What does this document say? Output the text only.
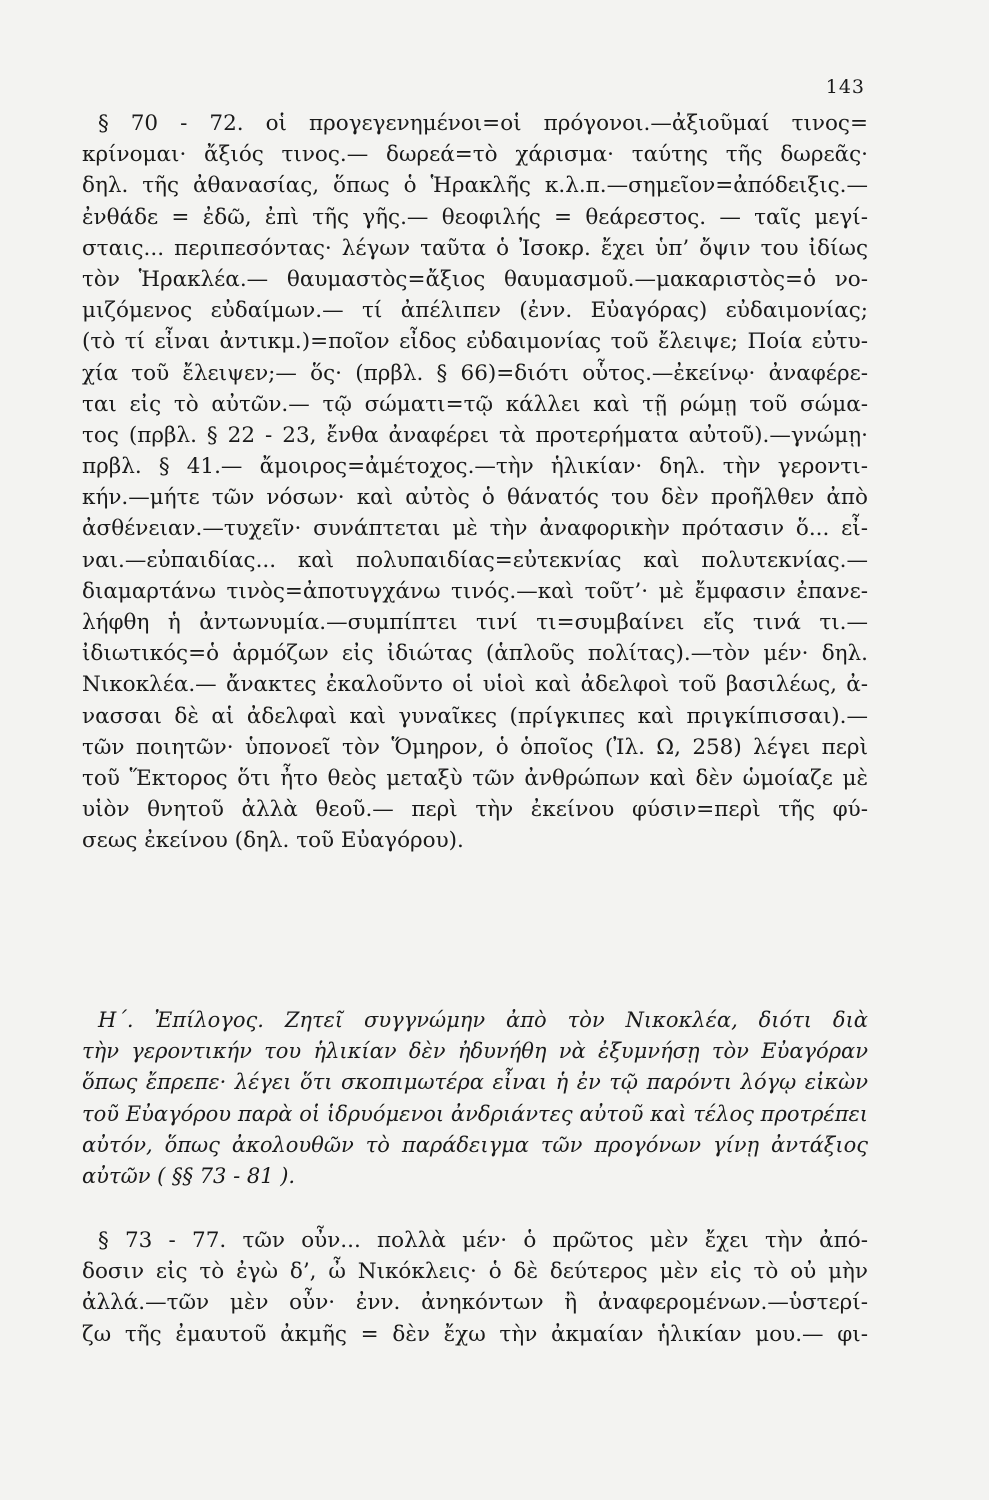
143
§ 70 - 72. οἱ προγεγενημένοι=οἱ πρόγονοι.—ἀξιοῦμαί τινος=
κρίνομαι· ἄξιός τινος.— δωρεά=τὸ χάρισμα· ταύτης τῆς δωρεᾶς·
δηλ. τῆς ἀθανασίας, ὅπως ὁ Ἡρακλῆς κ.λ.π.—σημεῖον=ἀπόδειξις.—
ἐνθάδε = ἐδῶ, ἐπὶ τῆς γῆς.— θεοφιλής = θεάρεστος. — ταῖς μεγί-
σταις... περιπεσόντας· λέγων ταῦτα ὁ Ἰσοκρ. ἔχει ὑπ’ ὄψιν του ἰδίως
τὸν Ἡρακλέα.— θαυμαστὸς=ἄξιος θαυμασμοῦ.—μακαριστὸς=ὁ νο-
μιζόμενος εὐδαίμων.— τί ἀπέλιπεν (ἐνν. Εὐαγόρας) εὐδαιμονίας;
(τὸ τί εἶναι ἀντικμ.)=ποῖον εἶδος εὐδαιμονίας τοῦ ἔλειψε; Ποία εὐτυ-
χία τοῦ ἔλειψεν;— ὅς· (πρβλ. § 66)=διότι οὗτος.—ἐκείνῳ· ἀναφέρε-
ται εἰς τὸ αὐτῶν.— τῷ σώματι=τῷ κάλλει καὶ τῇ ρώμῃ τοῦ σώμα-
τος (πρβλ. § 22 - 23, ἔνθα ἀναφέρει τὰ προτερήματα αὐτοῦ).—γνώμῃ·
πρβλ. § 41.— ἄμοιρος=ἀμέτοχος.—τὴν ἡλικίαν· δηλ. τὴν γεροντι-
κήν.—μήτε τῶν νόσων· καὶ αὐτὸς ὁ θάνατός του δὲν προῆλθεν ἀπὸ
ἀσθένειαν.—τυχεῖν· συνάπτεται μὲ τὴν ἀναφορικὴν πρότασιν ὅ... εἶ-
ναι.—εὐπαιδίας... καὶ πολυπαιδίας=εὐτεκνίας καὶ πολυτεκνίας.—
διαμαρτάνω τινὸς=ἀποτυγχάνω τινός.—καὶ τοῦτ’· μὲ ἔμφασιν ἐπανε-
λήφθη ἡ ἀντωνυμία.—συμπίπτει τινί τι=συμβαίνει εἴς τινά τι.—
ἰδιωτικός=ὁ ἁρμόζων εἰς ἰδιώτας (ἁπλοῦς πολίτας).—τὸν μέν· δηλ.
Νικοκλέα.— ἄνακτες ἐκαλοῦντο οἱ υἱοὶ καὶ ἀδελφοὶ τοῦ βασιλέως, ἀ-
νασσαι δὲ αἱ ἀδελφαὶ καὶ γυναῖκες (πρίγκιπες καὶ πριγκίπισσαι).—
τῶν ποιητῶν· ὑπονοεῖ τὸν Ὅμηρον, ὁ ὁποῖος (Ἰλ. Ω, 258) λέγει περὶ
τοῦ Ἕκτορος ὅτι ἦτο θεὸς μεταξὺ τῶν ἀνθρώπων καὶ δὲν ὡμοίαζε μὲ
υἱὸν θνητοῦ ἀλλὰ θεοῦ.— περὶ τὴν ἐκείνου φύσιν=περὶ τῆς φύ-
σεως ἐκείνου (δηλ. τοῦ Εὐαγόρου).
Η΄. Ἐπίλογος. Ζητεῖ συγγνώμην ἀπὸ τὸν Νικοκλέα, διότι διὰ
τὴν γεροντικήν του ἡλικίαν δὲν ἠδυνήθη νὰ ἐξυμνήσῃ τὸν Εὐαγόραν
ὅπως ἔπρεπε· λέγει ὅτι σκοπιμωτέρα εἶναι ἡ ἐν τῷ παρόντι λόγῳ εἰκὼν
τοῦ Εὐαγόρου παρὰ οἱ ἱδρυόμενοι ἀνδριάντες αὐτοῦ καὶ τέλος προτρέπει
αὐτόν, ὅπως ἀκολουθῶν τὸ παράδειγμα τῶν προγόνων γίνῃ ἀντάξιος
αὐτῶν ( §§ 73 - 81 ).
§ 73 - 77. τῶν οὖν... πολλὰ μέν· ὁ πρῶτος μὲν ἔχει τὴν ἀπό-
δοσιν εἰς τὸ ἐγὼ δ’, ὦ Νικόκλεις· ὁ δὲ δεύτερος μὲν εἰς τὸ οὐ μὴν
ἀλλά.—τῶν μὲν οὖν· ἐνν. ἀνηκόντων ἢ ἀναφερομένων.—ὑστερί-
ζω τῆς ἐμαυτοῦ ἀκμῆς = δὲν ἔχω τὴν ἀκμαίαν ἡλικίαν μου.— φι-
